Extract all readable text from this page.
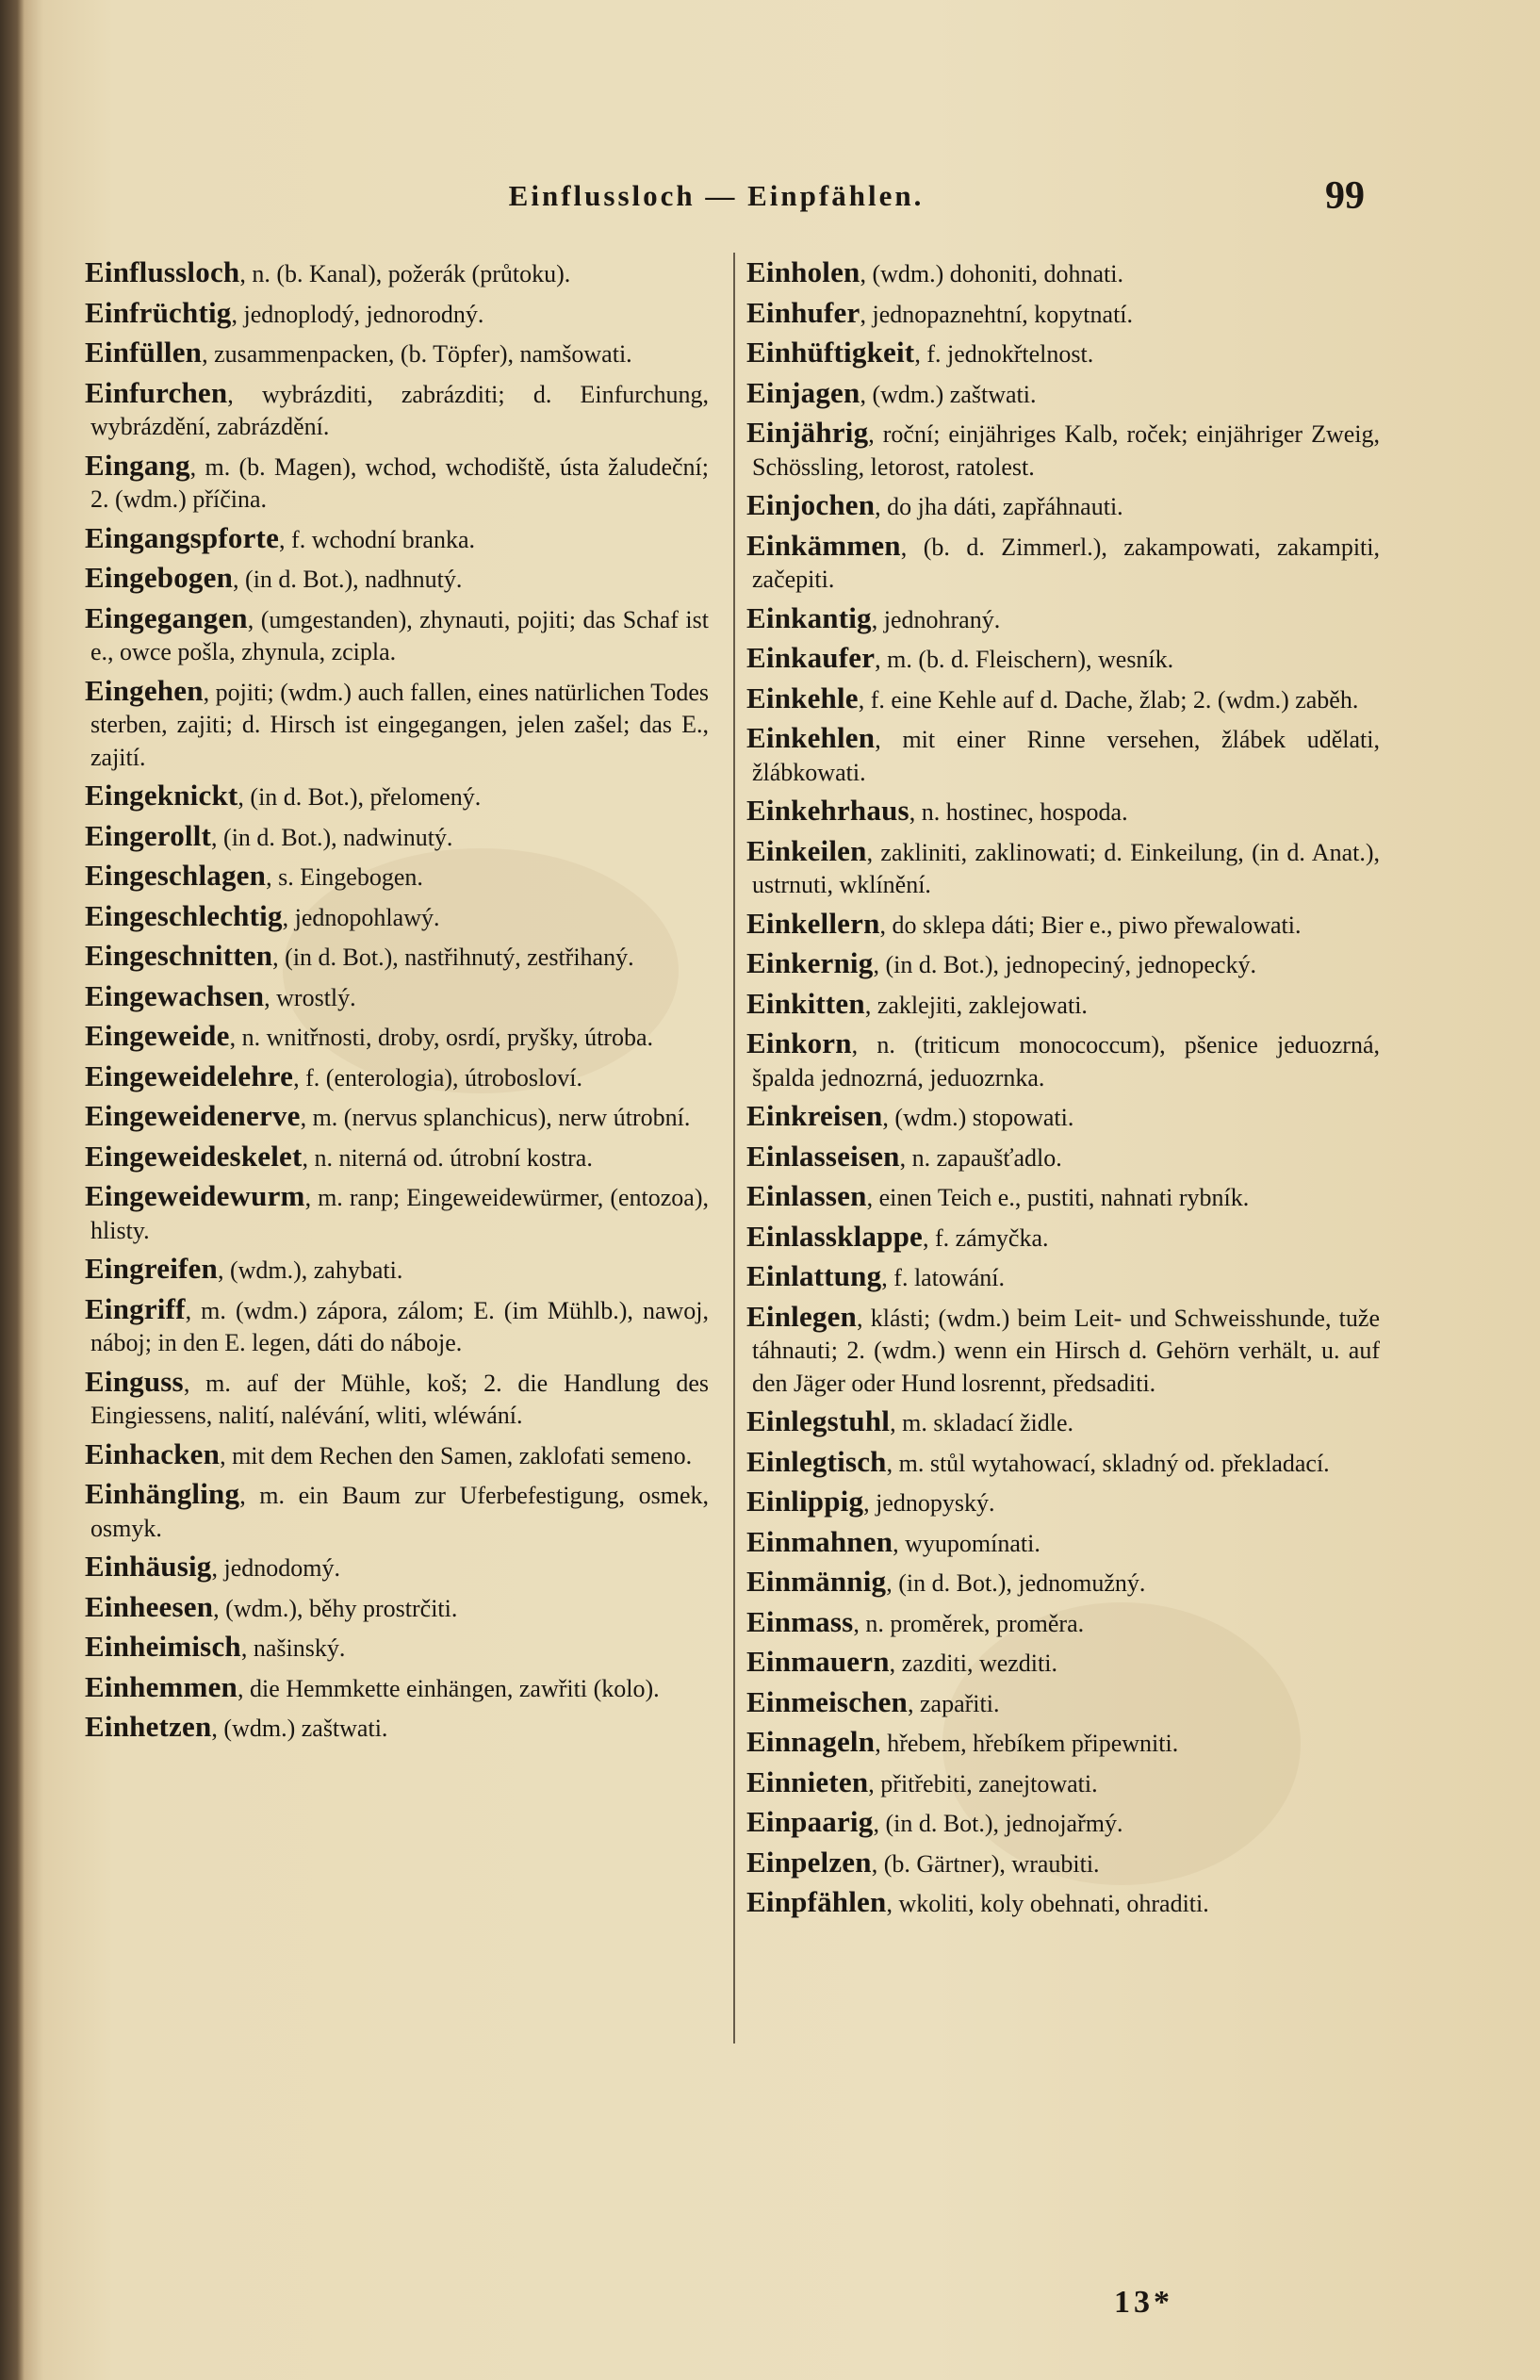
Einflussloch — Einpfählen.	99
Einflussloch, n. (b. Kanal), požerák (průtoku).
Einfrüchtig, jednoplodý, jednorodný.
Einfüllen, zusammenpacken, (b. Töpfer), namšowati.
Einfurchen, wybrázditi, zabrázditi; d. Einfurchung, wybrázdění, zabrázdění.
Eingang, m. (b. Magen), wchod, wchodiště, ústa žaludeční; 2. (wdm.) příčina.
Eingangspforte, f. wchodní branka.
Eingebogen, (in d. Bot.), nadhnutý.
Eingegangen, (umgestanden), zhynauti, pojiti; das Schaf ist e., owce pošla, zhynula, zcipla.
Eingehen, pojiti; (wdm.) auch fallen, eines natürlichen Todes sterben, zajiti; d. Hirsch ist eingegangen, jelen zašel; das E., zajití.
Eingeknickt, (in d. Bot.), přelomený.
Eingerollt, (in d. Bot.), nadwinutý.
Eingeschlagen, s. Eingebogen.
Eingeschlechtig, jednopohlawý.
Eingeschnitten, (in d. Bot.), nastřihnutý, zestřihaný.
Eingewachsen, wrostlý.
Eingeweide, n. wnitřnosti, droby, osrdí, pryšky, útroba.
Eingeweidelehre, f. (enterologia), útrobosloví.
Eingeweidenerve, m. (nervus splanchicus), nerw útrobní.
Eingeweideskelet, n. niterná od. útrobní kostra.
Eingeweidewurm, m. ranp; Eingeweidewürmer, (entozoa), hlisty.
Eingreifen, (wdm.), zahybati.
Eingriff, m. (wdm.) zápora, zálom; E. (im Mühlb.), nawoj, náboj; in den E. legen, dáti do náboje.
Einguss, m. auf der Mühle, koš; 2. die Handlung des Eingiessens, nalití, nalévání, wliti, wléwání.
Einhacken, mit dem Rechen den Samen, zaklofati semeno.
Einhängling, m. ein Baum zur Uferbefestigung, osmek, osmyk.
Einhäusig, jednodomý.
Einheesen, (wdm.), běhy prostrčiti.
Einheimisch, našinský.
Einhemmen, die Hemmkette einhängen, zawřiti (kolo).
Einhetzen, (wdm.) zaštwati.
Einholen, (wdm.) dohoniti, dohnati.
Einhufer, jednopaznehtní, kopytnatí.
Einhüftigkeit, f. jednokřtelnost.
Einjagen, (wdm.) zaštwati.
Einjährig, roční; einjähriges Kalb, roček; einjähriger Zweig, Schössling, letorost, ratolest.
Einjochen, do jha dáti, zapřáhnauti.
Einkämmen, (b. d. Zimmerl.), zakampowati, zakampiti, začepiti.
Einkantig, jednohraný.
Einkaufer, m. (b. d. Fleischern), wesník.
Einkehle, f. eine Kehle auf d. Dache, žlab; 2. (wdm.) zaběh.
Einkehlen, mit einer Rinne versehen, žlábek udělati, žlábkowati.
Einkehrhaus, n. hostinec, hospoda.
Einkeilen, zakliniti, zaklinowati; d. Einkeilung, (in d. Anat.), ustrnuti, wklínění.
Einkellern, do sklepa dáti; Bier e., piwo přewalowati.
Einkernig, (in d. Bot.), jednopeciný, jednopecký.
Einkitten, zaklejiti, zaklejowati.
Einkorn, n. (triticum monococcum), pšenice jeduozrná, špalda jednozrná, jeduozrnka.
Einkreisen, (wdm.) stopowati.
Einlasseisen, n. zapaušťadlo.
Einlassen, einen Teich e., pustiti, nahnati rybník.
Einlassklappe, f. zámyčka.
Einlattung, f. latowání.
Einlegen, klásti; (wdm.) beim Leit- und Schweisshunde, tuže táhnauti; 2. (wdm.) wenn ein Hirsch d. Gehörn verhält, u. auf den Jäger oder Hund losrennt, předsaditi.
Einlegstuhl, m. skladací židle.
Einlegtisch, m. stůl wytahowací, skladný od. překladací.
Einlippig, jednopyský.
Einmahnen, wyupomínati.
Einmännig, (in d. Bot.), jednomužný.
Einmass, n. proměrek, proměra.
Einmauern, zazditi, wezditi.
Einmeischen, zapařiti.
Einnageln, hřebem, hřebíkem připewniti.
Einnieten, přitřebiti, zanejtowati.
Einpaarig, (in d. Bot.), jednojařmý.
Einpelzen, (b. Gärtner), wraubiti.
Einpfählen, wkoliti, koly obehnati, ohraditi.
13*
